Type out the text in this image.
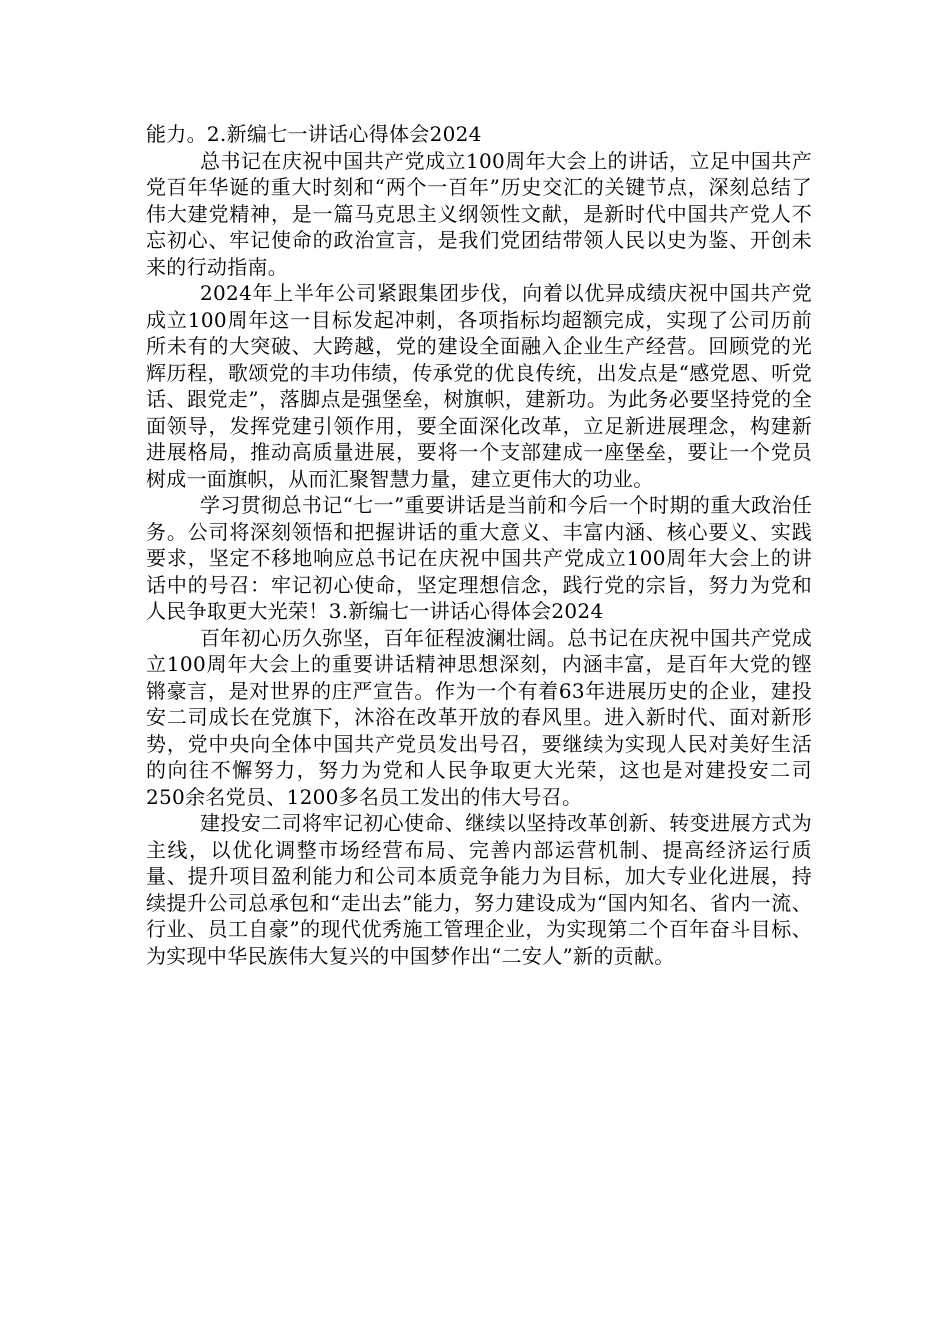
能力。2.新编七一讲话心得体会2024

总书记在庆祝中国共产党成立100周年大会上的讲话，立足中国共产党百年华诞的重大时刻和“两个一百年”历史交汇的关键节点，深刻总结了伟大建党精神，是一篇马克思主义纲领性文献，是新时代中国共产党人不忘初心、牢记使命的政治宣言，是我们党团结带领人民以史为鉴、开创未来的行动指南。

2024年上半年公司紧跟集团步伐，向着以优异成绩庆祝中国共产党成立100周年这一目标发起冲刺，各项指标均超额完成，实现了公司历前所未有的大突破、大跨越，党的建设全面融入企业生产经营。回顾党的光辉历程，歌颂党的丰功伟绩，传承党的优良传统，出发点是“感党恩、听党话、跟党走”，落脚点是强堡垒，树旗帜，建新功。为此务必要坚持党的全面领导，发挥党建引领作用，要全面深化改革，立足新进展理念，构建新进展格局，推动高质量进展，要将一个支部建成一座堡垒，要让一个党员树成一面旗帜，从而汇聚智慧力量，建立更伟大的功业。

学习贯彻总书记“七一”重要讲话是当前和今后一个时期的重大政治任务。公司将深刻领悟和把握讲话的重大意义、丰富内涵、核心要义、实践要求，坚定不移地响应总书记在庆祝中国共产党成立100周年大会上的讲话中的号召：牢记初心使命，坚定理想信念，践行党的宗旨，努力为党和人民争取更大光荣！3.新编七一讲话心得体会2024

百年初心历久弥坚，百年征程波澜壮阔。总书记在庆祝中国共产党成立100周年大会上的重要讲话精神思想深刻，内涵丰富，是百年大党的铿锵豪言，是对世界的庄严宣告。作为一个有着63年进展历史的企业，建投安二司成长在党旗下，沐浴在改革开放的春风里。进入新时代、面对新形势，党中央向全体中国共产党员发出号召，要继续为实现人民对美好生活的向往不懈努力，努力为党和人民争取更大光荣，这也是对建投安二司250余名党员、1200多名员工发出的伟大号召。

建投安二司将牢记初心使命、继续以坚持改革创新、转变进展方式为主线，以优化调整市场经营布局、完善内部运营机制、提高经济运行质量、提升项目盈利能力和公司本质竞争能力为目标，加大专业化进展，持续提升公司总承包和“走出去”能力，努力建设成为“国内知名、省内一流、行业、员工自豪”的现代优秀施工管理企业，为实现第二个百年奋斗目标、为实现中华民族伟大复兴的中国梦作出“二安人”新的贡献。
